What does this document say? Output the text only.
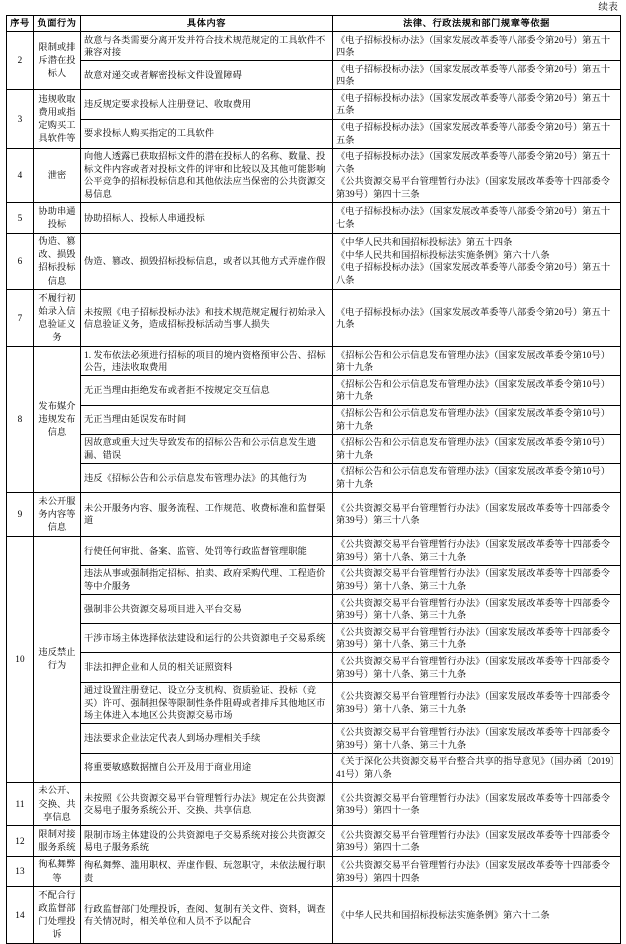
续表
序号	负面行为	具体内容	法律、行政法规和部门规章等依据
2	限制或排斥潜在投标人	故意与各类需要分离开发并符合技术规范规定的工具软件不兼容对接	《电子招标投标办法》（国家发展改革委等八部委令第20号）第五十四条

		故意对递交或者解密投标文件设置障碍	《电子招标投标办法》（国家发展改革委等八部委令第20号）第五十四条

3	违规收取费用或指定购买工具软件等	违反规定要求投标人注册登记、收取费用	《电子招标投标办法》（国家发展改革委等八部委令第20号）第五十五条

		要求投标人购买指定的工具软件	《电子招标投标办法》（国家发展改革委等八部委令第20号）第五十五条

4	泄密	向他人透露已获取招标文件的潜在投标人的名称、数量、投标文件内容或者对投标文件的评审和比较以及其他可能影响公平竞争的招标投标信息和其他依法应当保密的公共资源交易信息	《电子招标投标办法》（国家发展改革委等八部委令第20号）第五十六条
《公共资源交易平台管理暂行办法》（国家发展改革委等十四部委令第39号）第四十三条

5	协助串通投标	协助招标人、投标人串通投标	《电子招标投标办法》（国家发展改革委等八部委令第20号）第五十七条

6	伪造、篡改、损毁招标投标信息	伪造、篡改、损毁招标投标信息，或者以其他方式弄虚作假	《中华人民共和国招标投标法》第五十四条
《中华人民共和国招标投标法实施条例》第六十八条
《电子招标投标办法》（国家发展改革委等八部委令第20号）第五十八条

7	不履行初始录入信息验证义务	未按照《电子招标投标办法》和技术规范规定履行初始录入信息验证义务，造成招标投标活动当事人损失	《电子招标投标办法》（国家发展改革委等八部委令第20号）第五十九条

8	发布媒介违规发布信息	1. 发布依法必须进行招标的项目的境内资格预审公告、招标公告，违法收取费用	《招标公告和公示信息发布管理办法》（国家发展改革委令第10号）第十九条

		无正当理由拒绝发布或者拒不按规定交互信息	《招标公告和公示信息发布管理办法》（国家发展改革委令第10号）第十九条

		无正当理由延误发布时间	《招标公告和公示信息发布管理办法》（国家发展改革委令第10号）第十九条

		因故意或重大过失导致发布的招标公告和公示信息发生遗漏、错误	《招标公告和公示信息发布管理办法》（国家发展改革委令第10号）第十九条

		违反《招标公告和公示信息发布管理办法》的其他行为	《招标公告和公示信息发布管理办法》（国家发展改革委令第10号）第十九条

9	未公开服务内容等信息	未公开服务内容、服务流程、工作规范、收费标准和监督渠道	《公共资源交易平台管理暂行办法》（国家发展改革委等十四部委令第39号）第三十八条

10	违反禁止行为	行使任何审批、备案、监管、处罚等行政监督管理职能	《公共资源交易平台管理暂行办法》（国家发展改革委等十四部委令第39号）第十八条、第三十九条

		违法从事或强制指定招标、拍卖、政府采购代理、工程造价等中介服务	《公共资源交易平台管理暂行办法》（国家发展改革委等十四部委令第39号）第十八条、第三十九条

		强制非公共资源交易项目进入平台交易	《公共资源交易平台管理暂行办法》（国家发展改革委等十四部委令第39号）第十八条、第三十九条

		干涉市场主体选择依法建设和运行的公共资源电子交易系统	《公共资源交易平台管理暂行办法》（国家发展改革委等十四部委令第39号）第十八条、第三十九条

		非法扣押企业和人员的相关证照资料	《公共资源交易平台管理暂行办法》（国家发展改革委等十四部委令第39号）第十八条、第三十九条

		通过设置注册登记、设立分支机构、资质验证、投标（竞买）许可、强制担保等限制性条件阻碍或者排斥其他地区市场主体进入本地区公共资源交易市场	《公共资源交易平台管理暂行办法》（国家发展改革委等十四部委令第39号）第十八条、第三十九条

		违法要求企业法定代表人到场办理相关手续	《公共资源交易平台管理暂行办法》（国家发展改革委等十四部委令第39号）第十八条、第三十九条

		将重要敏感数据擅自公开及用于商业用途	《关于深化公共资源交易平台整合共享的指导意见》（国办函〔2019〕41号）第八条

11	未公开、交换、共享信息	未按照《公共资源交易平台管理暂行办法》规定在公共资源交易电子服务系统公开、交换、共享信息	《公共资源交易平台管理暂行办法》（国家发展改革委等十四部委令第39号）第四十一条

12	限制对接服务系统	限制市场主体建设的公共资源电子交易系统对接公共资源交易电子服务系统	《公共资源交易平台管理暂行办法》（国家发展改革委等十四部委令第39号）第四十二条

13	徇私舞弊等	徇私舞弊、滥用职权、弄虚作假、玩忽职守，未依法履行职责	《公共资源交易平台管理暂行办法》（国家发展改革委等十四部委令第39号）第四十四条

14	不配合行政监督部门处理投诉	行政监督部门处理投诉，查阅、复制有关文件、资料，调查有关情况时，相关单位和人员不予以配合	《中华人民共和国招标投标法实施条例》第六十二条
